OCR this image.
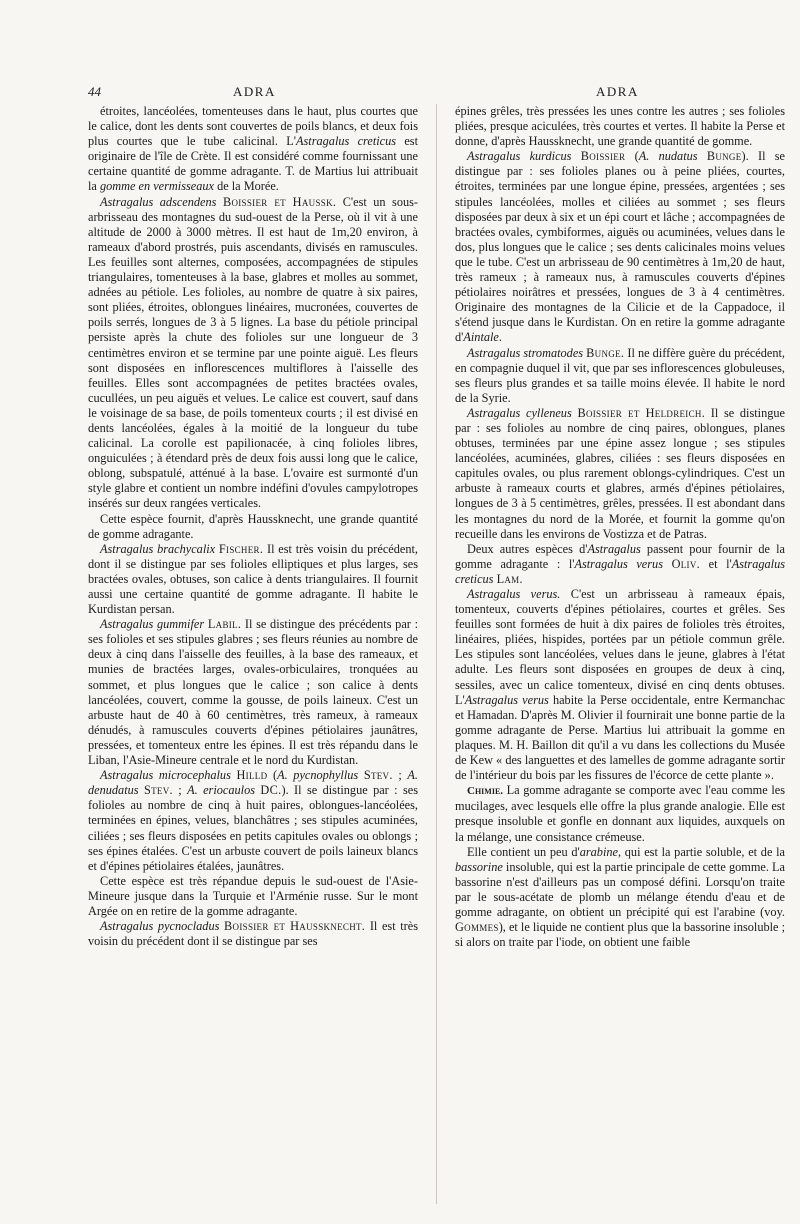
44	ADRA	ADRA

étroites, lancéolées, tomenteuses dans le haut, plus courtes que le calice, dont les dents sont couvertes de poils blancs, et deux fois plus courtes que le tube calicinal. L'Astragalus creticus est originaire de l'île de Crète. Il est considéré comme fournissant une certaine quantité de gomme adragante. T. de Martius lui attribuait la gomme en vermisseaux de la Morée.

Astragalus adscendens Boissier et Haussk. C'est un sous-arbrisseau des montagnes du sud-ouest de la Perse, où il vit à une altitude de 2000 à 3000 mètres. Il est haut de 1m,20 environ, à rameaux d'abord prostrés, puis ascendants, divisés en ramuscules. Les feuilles sont alternes, composées, accompagnées de stipules triangulaires, tomenteuses à la base, glabres et molles au sommet, adnées au pétiole. Les folioles, au nombre de quatre à six paires, sont pliées, étroites, oblongues linéaires, mucronées, couvertes de poils serrés, longues de 3 à 5 lignes. La base du pétiole principal persiste après la chute des folioles sur une longueur de 3 centimètres environ et se termine par une pointe aiguë. Les fleurs sont disposées en inflorescences multiflores à l'aisselle des feuilles. Elles sont accompagnées de petites bractées ovales, cucullées, un peu aiguës et velues. Le calice est couvert, sauf dans le voisinage de sa base, de poils tomenteux courts ; il est divisé en dents lancéolées, égales à la moitié de la longueur du tube calicinal. La corolle est papilionacée, à cinq folioles libres, onguiculées ; à étendard près de deux fois aussi long que le calice, oblong, subspatulé, atténué à la base. L'ovaire est surmonté d'un style glabre et contient un nombre indéfini d'ovules campylotropes insérés sur deux rangées verticales.

Cette espèce fournit, d'après Haussknecht, une grande quantité de gomme adragante.

Astragalus brachycalix Fischer. Il est très voisin du précédent, dont il se distingue par ses folioles elliptiques et plus larges, ses bractées ovales, obtuses, son calice à dents triangulaires. Il fournit aussi une certaine quantité de gomme adragante. Il habite le Kurdistan persan.

Astragalus gummifer Labil. Il se distingue des précédents par : ses folioles et ses stipules glabres ; ses fleurs réunies au nombre de deux à cinq dans l'aisselle des feuilles, à la base des rameaux, et munies de bractées larges, ovales-orbiculaires, tronquées au sommet, et plus longues que le calice ; son calice à dents lancéolées, couvert, comme la gousse, de poils laineux. C'est un arbuste haut de 40 à 60 centimètres, très rameux, à rameaux dénudés, à ramuscules couverts d'épines pétiolaires jaunâtres, pressées, et tomenteux entre les épines. Il est très répandu dans le Liban, l'Asie-Mineure centrale et le nord du Kurdistan.

Astragalus microcephalus Hilld (A. pycnophyllus Stev. ; A. denudatus Stev. ; A. eriocaulos DC.). Il se distingue par : ses folioles au nombre de cinq à huit paires, oblongues-lancéolées, terminées en épines, velues, blanchâtres ; ses stipules acuminées, ciliées ; ses fleurs disposées en petits capitules ovales ou oblongs ; ses épines étalées. C'est un arbuste couvert de poils laineux blancs et d'épines pétiolaires étalées, jaunâtres.

Cette espèce est très répandue depuis le sud-ouest de l'Asie-Mineure jusque dans la Turquie et l'Arménie russe. Sur le mont Argée on en retire de la gomme adragante.

Astragalus pycnocladus Boissier et Haussknecht. Il est très voisin du précédent dont il se distingue par ses

épines grêles, très pressées les unes contre les autres ; ses folioles pliées, presque aciculées, très courtes et vertes. Il habite la Perse et donne, d'après Haussknecht, une grande quantité de gomme.

Astragalus kurdicus Boissier (A. nudatus Bunge). Il se distingue par : ses folioles planes ou à peine pliées, courtes, étroites, terminées par une longue épine, pressées, argentées ; ses stipules lancéolées, molles et ciliées au sommet ; ses fleurs disposées par deux à six et un épi court et lâche ; accompagnées de bractées ovales, cymbiformes, aiguës ou acuminées, velues dans le dos, plus longues que le calice ; ses dents calicinales moins velues que le tube. C'est un arbrisseau de 90 centimètres à 1m,20 de haut, très rameux ; à rameaux nus, à ramuscules couverts d'épines pétiolaires noirâtres et pressées, longues de 3 à 4 centimètres. Originaire des montagnes de la Cilicie et de la Cappadoce, il s'étend jusque dans le Kurdistan. On en retire la gomme adragante d'Aintale.

Astragalus stromatodes Bunge. Il ne diffère guère du précédent, en compagnie duquel il vit, que par ses inflorescences globuleuses, ses fleurs plus grandes et sa taille moins élevée. Il habite le nord de la Syrie.

Astragalus cylleneus Boissier et Heldreich. Il se distingue par : ses folioles au nombre de cinq paires, oblongues, planes obtuses, terminées par une épine assez longue ; ses stipules lancéolées, acuminées, glabres, ciliées : ses fleurs disposées en capitules ovales, ou plus rarement oblongs-cylindriques. C'est un arbuste à rameaux courts et glabres, armés d'épines pétiolaires, longues de 3 à 5 centimètres, grêles, pressées. Il est abondant dans les montagnes du nord de la Morée, et fournit la gomme qu'on recueille dans les environs de Vostizza et de Patras.

Deux autres espèces d'Astragalus passent pour fournir de la gomme adragante : l'Astragalus verus Oliv. et l'Astragalus creticus Lam.

Astragalus verus. C'est un arbrisseau à rameaux épais, tomenteux, couverts d'épines pétiolaires, courtes et grêles. Ses feuilles sont formées de huit à dix paires de folioles très étroites, linéaires, pliées, hispides, portées par un pétiole commun grêle. Les stipules sont lancéolées, velues dans le jeune, glabres à l'état adulte. Les fleurs sont disposées en groupes de deux à cinq, sessiles, avec un calice tomenteux, divisé en cinq dents obtuses. L'Astragalus verus habite la Perse occidentale, entre Kermanchac et Hamadan. D'après M. Olivier il fournirait une bonne partie de la gomme adragante de Perse. Martius lui attribuait la gomme en plaques. M. H. Baillon dit qu'il a vu dans les collections du Musée de Kew « des languettes et des lamelles de gomme adragante sortir de l'intérieur du bois par les fissures de l'écorce de cette plante ».

Chimie. La gomme adragante se comporte avec l'eau comme les mucilages, avec lesquels elle offre la plus grande analogie. Elle est presque insoluble et gonfle en donnant aux liquides, auxquels on la mélange, une consistance crémeuse.

Elle contient un peu d'arabine, qui est la partie soluble, et de la bassorine insoluble, qui est la partie principale de cette gomme. La bassorine n'est d'ailleurs pas un composé défini. Lorsqu'on traite par le sous-acétate de plomb un mélange étendu d'eau et de gomme adragante, on obtient un précipité qui est l'arabine (voy. Gommes), et le liquide ne contient plus que la bassorine insoluble ; si alors on traite par l'iode, on obtient une faible
